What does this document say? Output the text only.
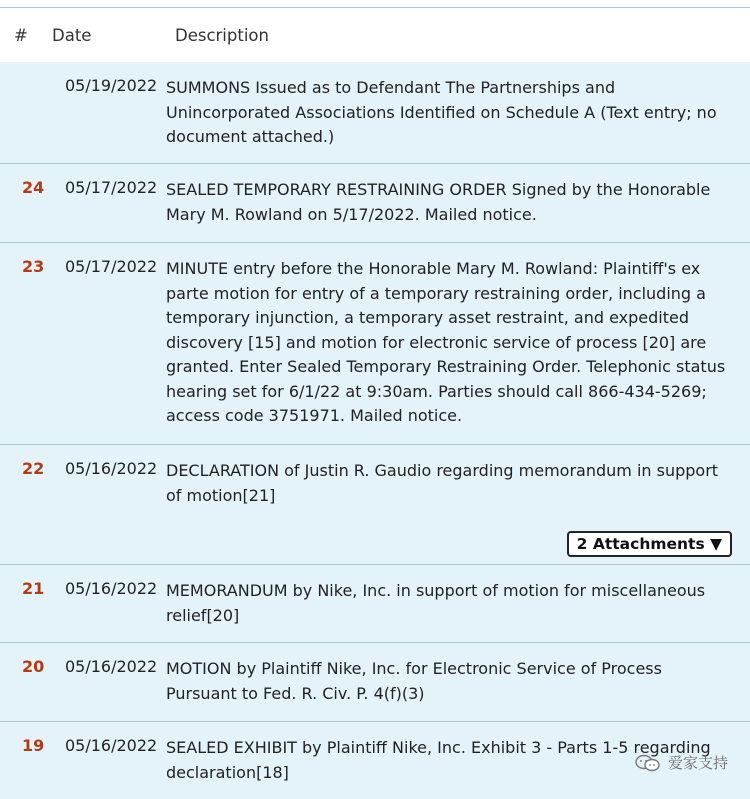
# Date	Description
05/19/2022 SUMMONS Issued as to Defendant The Partnerships and Unincorporated Associations Identified on Schedule A (Text entry; no document attached.)
24 05/17/2022 SEALED TEMPORARY RESTRAINING ORDER Signed by the Honorable Mary M. Rowland on 5/17/2022. Mailed notice.
23 05/17/2022 MINUTE entry before the Honorable Mary M. Rowland: Plaintiff's ex parte motion for entry of a temporary restraining order, including a temporary injunction, a temporary asset restraint, and expedited discovery [15] and motion for electronic service of process [20] are granted. Enter Sealed Temporary Restraining Order. Telephonic status hearing set for 6/1/22 at 9:30am. Parties should call 866-434-5269; access code 3751971. Mailed notice.
22 05/16/2022 DECLARATION of Justin R. Gaudio regarding memorandum in support of motion[21]
2 Attachments ▼
21 05/16/2022 MEMORANDUM by Nike, Inc. in support of motion for miscellaneous relief[20]
20 05/16/2022 MOTION by Plaintiff Nike, Inc. for Electronic Service of Process Pursuant to Fed. R. Civ. P. 4(f)(3)
19 05/16/2022 SEALED EXHIBIT by Plaintiff Nike, Inc. Exhibit 3 - Parts 1-5 regarding declaration[18]	爱家支持
